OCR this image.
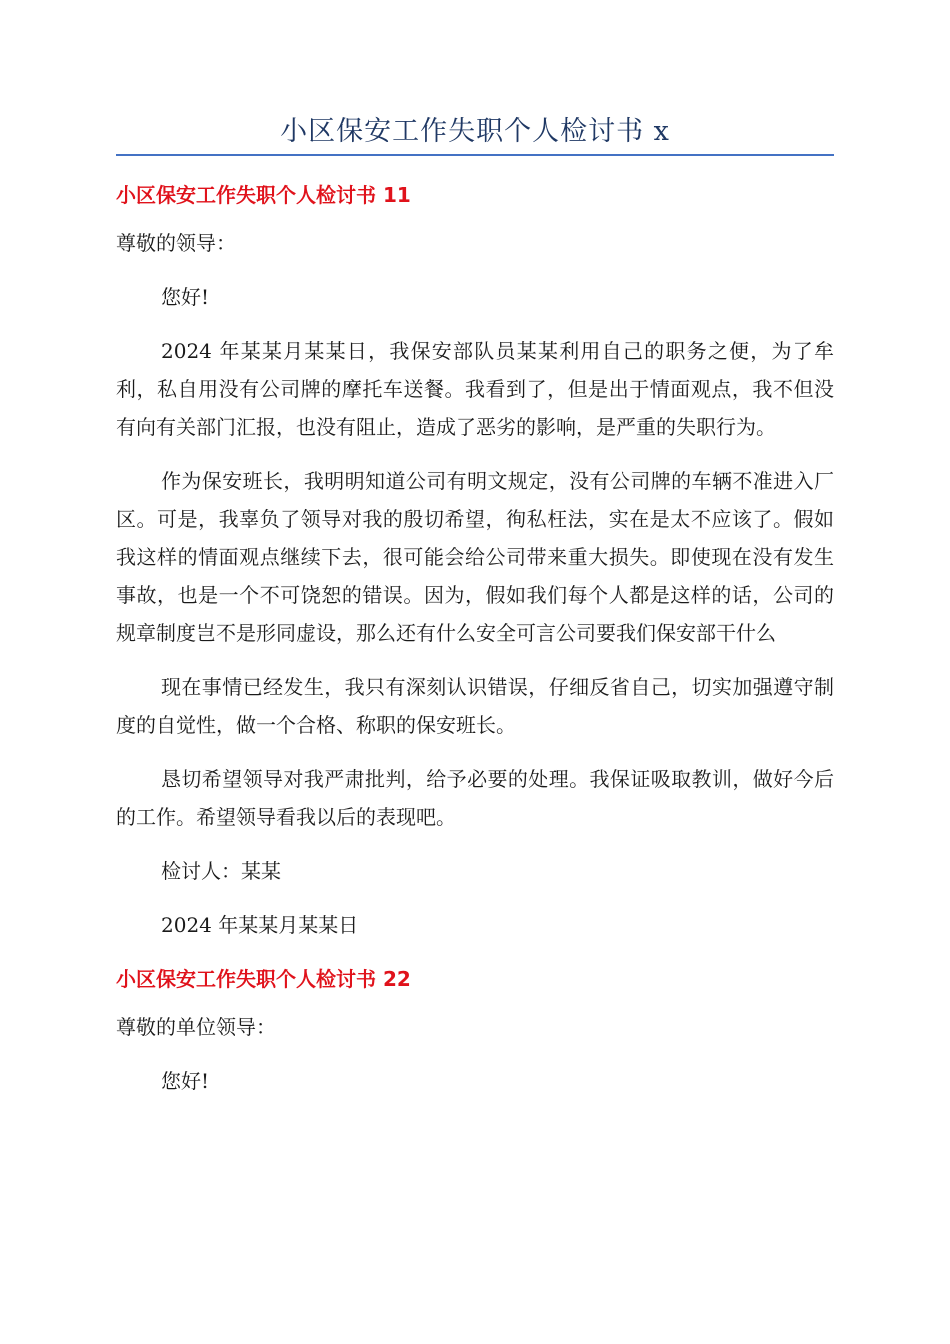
小区保安工作失职个人检讨书 x
小区保安工作失职个人检讨书 11

尊敬的领导：

您好!

2024 年某某月某某日，我保安部队员某某利用自己的职务之便，为了牟利，私自用没有公司牌的摩托车送餐。我看到了，但是出于情面观点，我不但没有向有关部门汇报，也没有阻止，造成了恶劣的影响，是严重的失职行为。

作为保安班长，我明明知道公司有明文规定，没有公司牌的车辆不准进入厂区。可是，我辜负了领导对我的殷切希望，徇私枉法，实在是太不应该了。假如我这样的情面观点继续下去，很可能会给公司带来重大损失。即使现在没有发生事故，也是一个不可饶恕的错误。因为，假如我们每个人都是这样的话，公司的规章制度岂不是形同虚设，那么还有什么安全可言公司要我们保安部干什么

现在事情已经发生，我只有深刻认识错误，仔细反省自己，切实加强遵守制度的自觉性，做一个合格、称职的保安班长。

恳切希望领导对我严肃批判，给予必要的处理。我保证吸取教训，做好今后的工作。希望领导看我以后的表现吧。

检讨人：某某

2024 年某某月某某日

小区保安工作失职个人检讨书 22

尊敬的单位领导：

您好!
